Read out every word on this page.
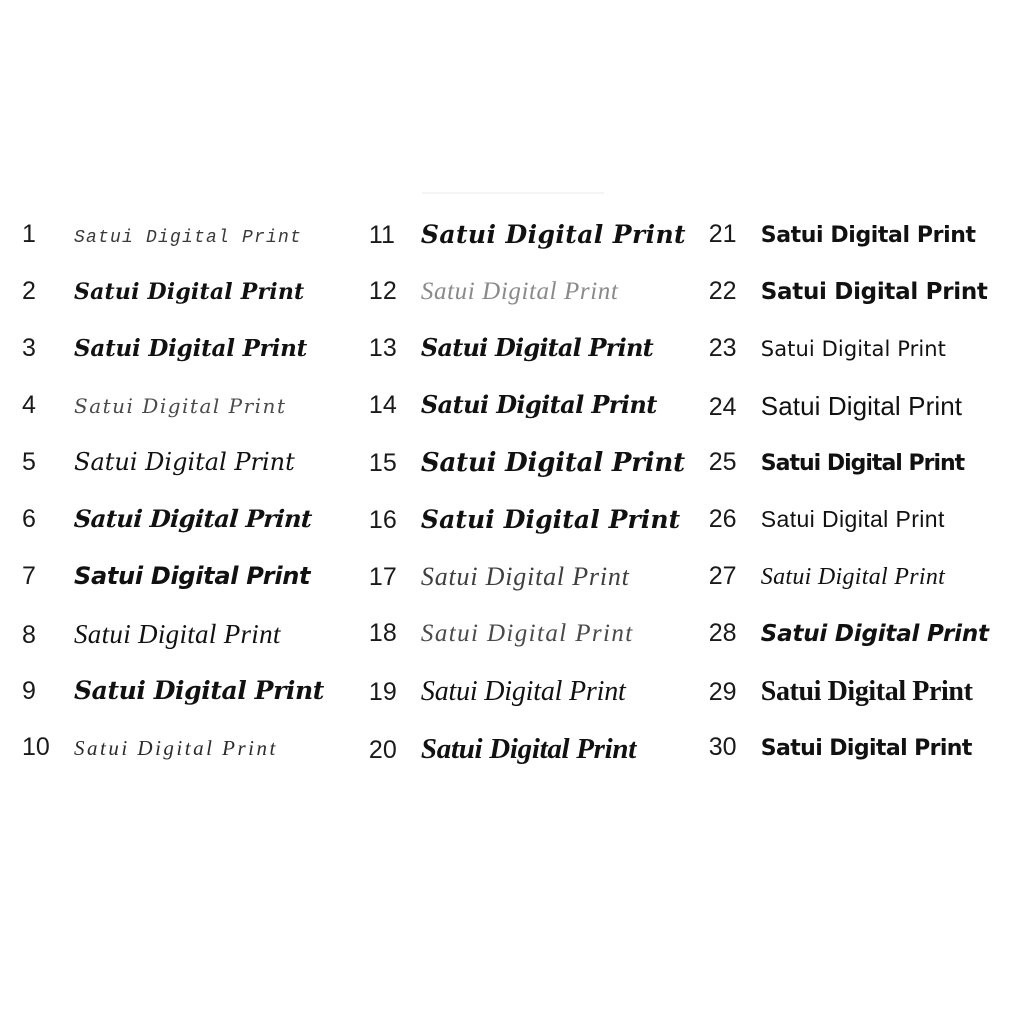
1	Satui Digital Print
2	Satui Digital Print
3	Satui Digital Print
4	Satui Digital Print
5	Satui Digital Print
6	Satui Digital Print
7	Satui Digital Print
8	Satui Digital Print
9	Satui Digital Print
10	Satui Digital Print
11	Satui Digital Print
12 Satui Digital Print
13	Satui Digital Print
14	Satui Digital Print
15 Satui Digital Print
16 Satui Digital Print
17 Satui Digital Print
18 Satui Digital Print
19 Satui Digital Print
20 Satui Digital Print
21	Satui Digital Print
22	Satui Digital Print
23	Satui Digital Print
24 Satui Digital Print
25	Satui Digital Print
26	Satui Digital Print
27	Satui Digital Print
28	Satui Digital Print
29 Satui Digital Print
30	Satui Digital Print
